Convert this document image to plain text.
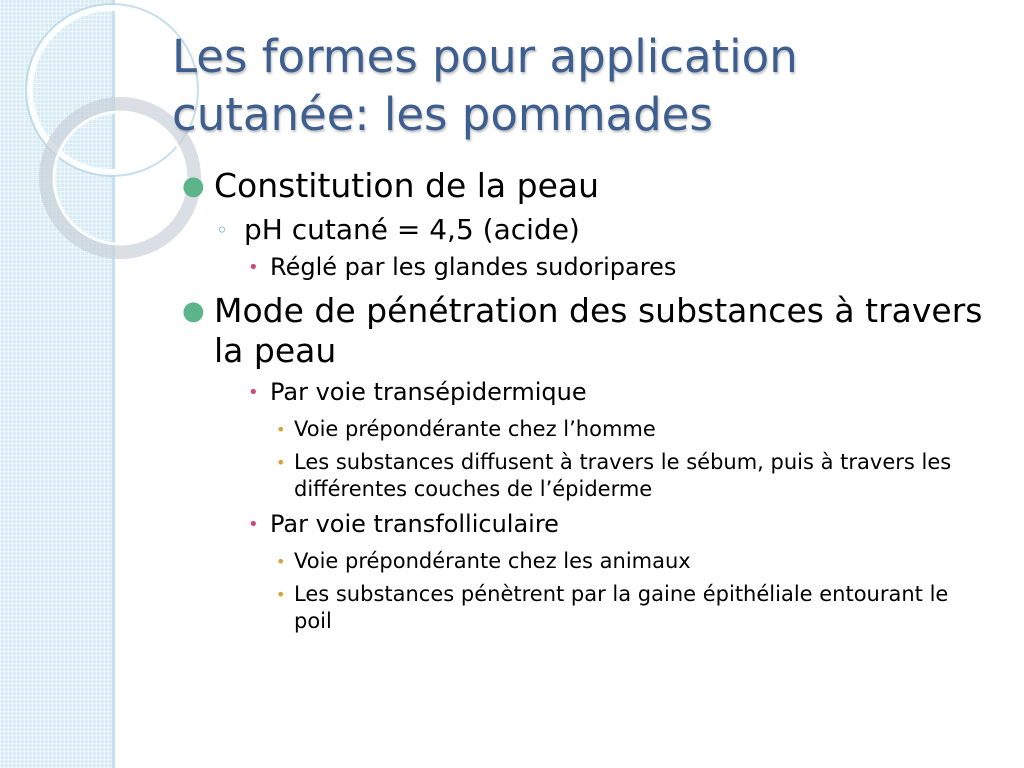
Les formes pour application
cutanée: les pommades
● Constitution de la peau
◦ pH cutané = 4,5 (acide)
• Réglé par les glandes sudoripares
● Mode de pénétration des substances à travers la peau
• Par voie transépidermique
• Voie prépondérante chez l’homme
• Les substances diffusent à travers le sébum, puis à travers les différentes couches de l’épiderme
• Par voie transfolliculaire
• Voie prépondérante chez les animaux
• Les substances pénètrent par la gaine épithéliale entourant le poil
